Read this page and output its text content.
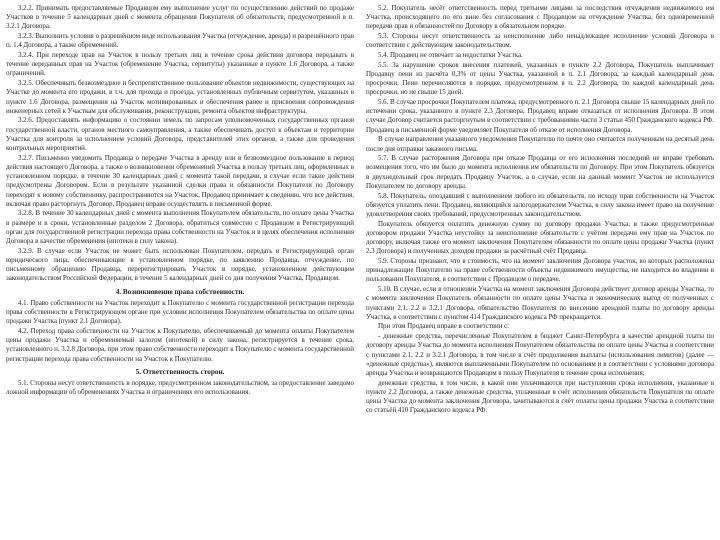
3.2.2. Принимать предоставляемые Продавцом ему выполнение услуг по осуществлению действий по продаже Участков в течение 5 календарных дней с момента обращения Покупателя об обязательств, предусмотренной в п. 3.2.1 Договора.

3.2.3. Выполнить условия о разрешённом виде использования Участка (отчуждение, аренда) и разрешённого прав п. 1.4 Договора, а также обременений.

3.2.4. При переходе прав на Участок в пользу третьих лиц в течение срока действия договора передавать в течение переданных прав на Участок (обременение Участка, сервитуты) указанные в пункте 1.6 Договора, а также ограничений.

3.2.5. Обеспечивать безвозмездное и беспрепятственное пользование объектов недвижимости, существующих на Участке до момента его продажи, в т.ч. для прохода и проезда, установленных публичным сервитутом, указанных в пункте 1.6 Договора, размещения на Участок мотивированных и обеспечения ранее и присвоения сопровождения инженерных сетей к Участкам для обслуживания, реконструкции, ремонта объектов инфраструктуры.

3.2.6. Предоставлять информацию о состоянии земель по запросам уполномоченных государственных органов государственной власти, органов местного самоуправления, а также обеспечивать доступ к объектам и территории Участка для контроля за исполнением условий Договора, представителей этих органов, а также для проведения контрольных мероприятий.

3.2.7. Письменно уведомить Продавца о передаче Участка в аренду или в безвозмездное пользование в период действия настоящего Договора, а также о возникновении обременений Участка в пользу третьих лиц, оформленных в установленном порядке, в течение 30 календарных дней с момента такой передачи, в случае если такие действия предусмотрены Договором. Если в результате указанной сделки права и обязанности Покупателя по Договору переходят к новому собственнику, распространяются на Участок, Продавец принимает к сведению, что все действия, включая право расторгнуть Договор, Продавец вправе осуществлять в письменной форме.

3.2.8. В течение 30 календарных дней с момента выполнения Покупателем обязательств, по оплате цены Участка в размере и в сроки, установленные разделом 2 Договора, обратиться совместно с Продавцом в Регистрирующий орган для государственной регистрации перехода права собственности на Участок и в целях обеспечения исполнения Договора в качестве обременения (ипотеки в силу закона).

3.2.9. В случае если Участок не может быть использован Покупателем, передать в Регистрирующий орган юридического лица, обеспечивающие в установленном порядке, по заявлению Продавца, отчуждение, по письменному обращению Продавца, перерегистрировать Участок в порядке, установленном действующим законодательством Российской Федерации, в течение 5 календарных дней со дня получения Участка, Продавцом.

4. Возникновение права собственности.

4.1. Право собственности на Участок переходит к Покупателю с момента государственной регистрации перехода права собственности в Регистрирующем органе при условии исполнения Покупателем обязательства по оплате цены продажи Участка (пункт 2.1 Договора).

4.2. Переход права собственности на Участок к Покупателю, обеспечиваемый до момента оплаты Покупателем цены продажи Участка и обременяемый залогом (ипотекой) в силу закона, регистрируется в течение срока, установленного п. 3.2.8 Договора, при этом право собственности переходит к Покупателю с момента государственной регистрации перехода права собственности на Участок к Покупателю.

5. Ответственность сторон.

5.1. Стороны несут ответственность в порядке, предусмотренном законодательством, за предоставление заведомо ложной информации об обременениях Участка и ограничениях его использования.

5.2. Покупатель несёт ответственность перед третьими лицами за последствия отчуждения недвижимого им Участка, происходящего по его вине без согласования с Продавцом на отчуждение Участка, без одновременной передачи прав и обязанностей по Договору в обязательном порядке.

5.3. Стороны несут ответственность за неисполнение либо ненадлежащее исполнение условий Договора в соответствии с действующим законодательством.

5.4. Продавец не отвечает за недостатки Участка.

5.5. За нарушение сроков внесения платежей, указанных в пункте 2.2 Договора, Покупатель выплачивает Продавцу пени из расчёта 0,3% от цены Участка, указанной в п. 2.1 Договора, за каждый календарный день просрочки. Пени перечисляются в порядке, предусмотренном в п. 2.2 Договора, по каждой календарный день просрочки, но не свыше 15 дней.

5.6. В случае просрочки Покупателем платежа, предусмотренного п. 2.1 Договора свыше 15 календарных дней по истечении срока, указанного в пункте 2.3 Договора, Продавец вправе отказаться от исполнения Договора. В этом случае Договор считается расторгнутым в соответствии с требованиями части 3 статьи 450 Гражданского кодекса РФ. Продавец в письменной форме уведомляет Покупателя об отказе от исполнения Договора.

В случае направления указанного уведомления Покупателю по почте оно считается полученным на десятый день после дня отправки заказного письма.

5.7. В случае расторжения Договора при отказе Продавца от его исполнения последний не вправе требовать возмещения того, что им было до момента исполнения им обязательств по Договору. При этом Покупатель обязуется в двухнедельный срок передать Продавцу Участок, а в случае, если на данный момент Участок не используется Покупателем по договору аренды.

5.8. Покупатель, опоздавший с выполнением любого из обязательств, по исходу прав собственности на Участок обязуется уплатить пени. Продавец, являющийся залогодержателем Участка, в силу закона имеет право на получение удовлетворения своих требований, предусмотренных законодательством.

Покупатель обязуется оплатить денежную сумму по договору продажи Участка, в также предусмотренные договором продажи Участка неустойку за неисполнение обязательств с учётом передачи ему прав на Участок по договору, включая также его момент заключения Покупателем обязанности по оплате цены продажи Участка (пункт 2.3 Договора) и полученных доходов продажи за расчётный счёт Продавца.

5.9. Стороны признают, что в стоимость, что на момент заключения Договора участок, во которых расположены принадлежащие Покупателю на праве собственности объекты недвижимого имущества, не находится во владении в пользовании Покупателя, в соответствии с Продавцом о передаче.

5.10. В случае, если в отношении Участка на момент заключения Договора действует договор аренды Участка, то с момента заключения Покупатель обязанности по оплате цены Участка и экономических выгод от полученных с пунктами 2.1, 2.2 и 3.2.1 Договора, обязательство Покупателя по внесению арендной платы по договору аренды Участка, в соответствии с пунктом 414 Гражданского кодекса РФ прекращается.

При этом Продавец вправе в соответствии с:

- денежные средства, перечисленные Покупателем в бюджет Санкт-Петербурга в качестве арендной платы по договору аренды Участка до момента исполнения Покупателем обязательства по оплате цены Участка в соответствии с пунктами 2.1, 2.2 и 3.2.1 Договора, в том числе в счёт продолжения выплаты (использования лимитов) (далее — «денежные средства»), являются выплаченными Покупателем по основаниям и в соответствии с условиями договора аренды Участка и возвращаются Продавцом в пользу Покупателя в течение срока исполнения;

денежные средства, в том числе, в какой они уплачиваются при наступлении срока исполнения, указанные в пункте 2.2 Договора, а также денежные средства, уплаченные в счёт исполнения обязательств Покупателя по оплате цены Участка до момента заключения Договора, зачитываются в счёт оплаты цены продажи Участка в соответствии со статьёй 410 Гражданского кодекса РФ.
